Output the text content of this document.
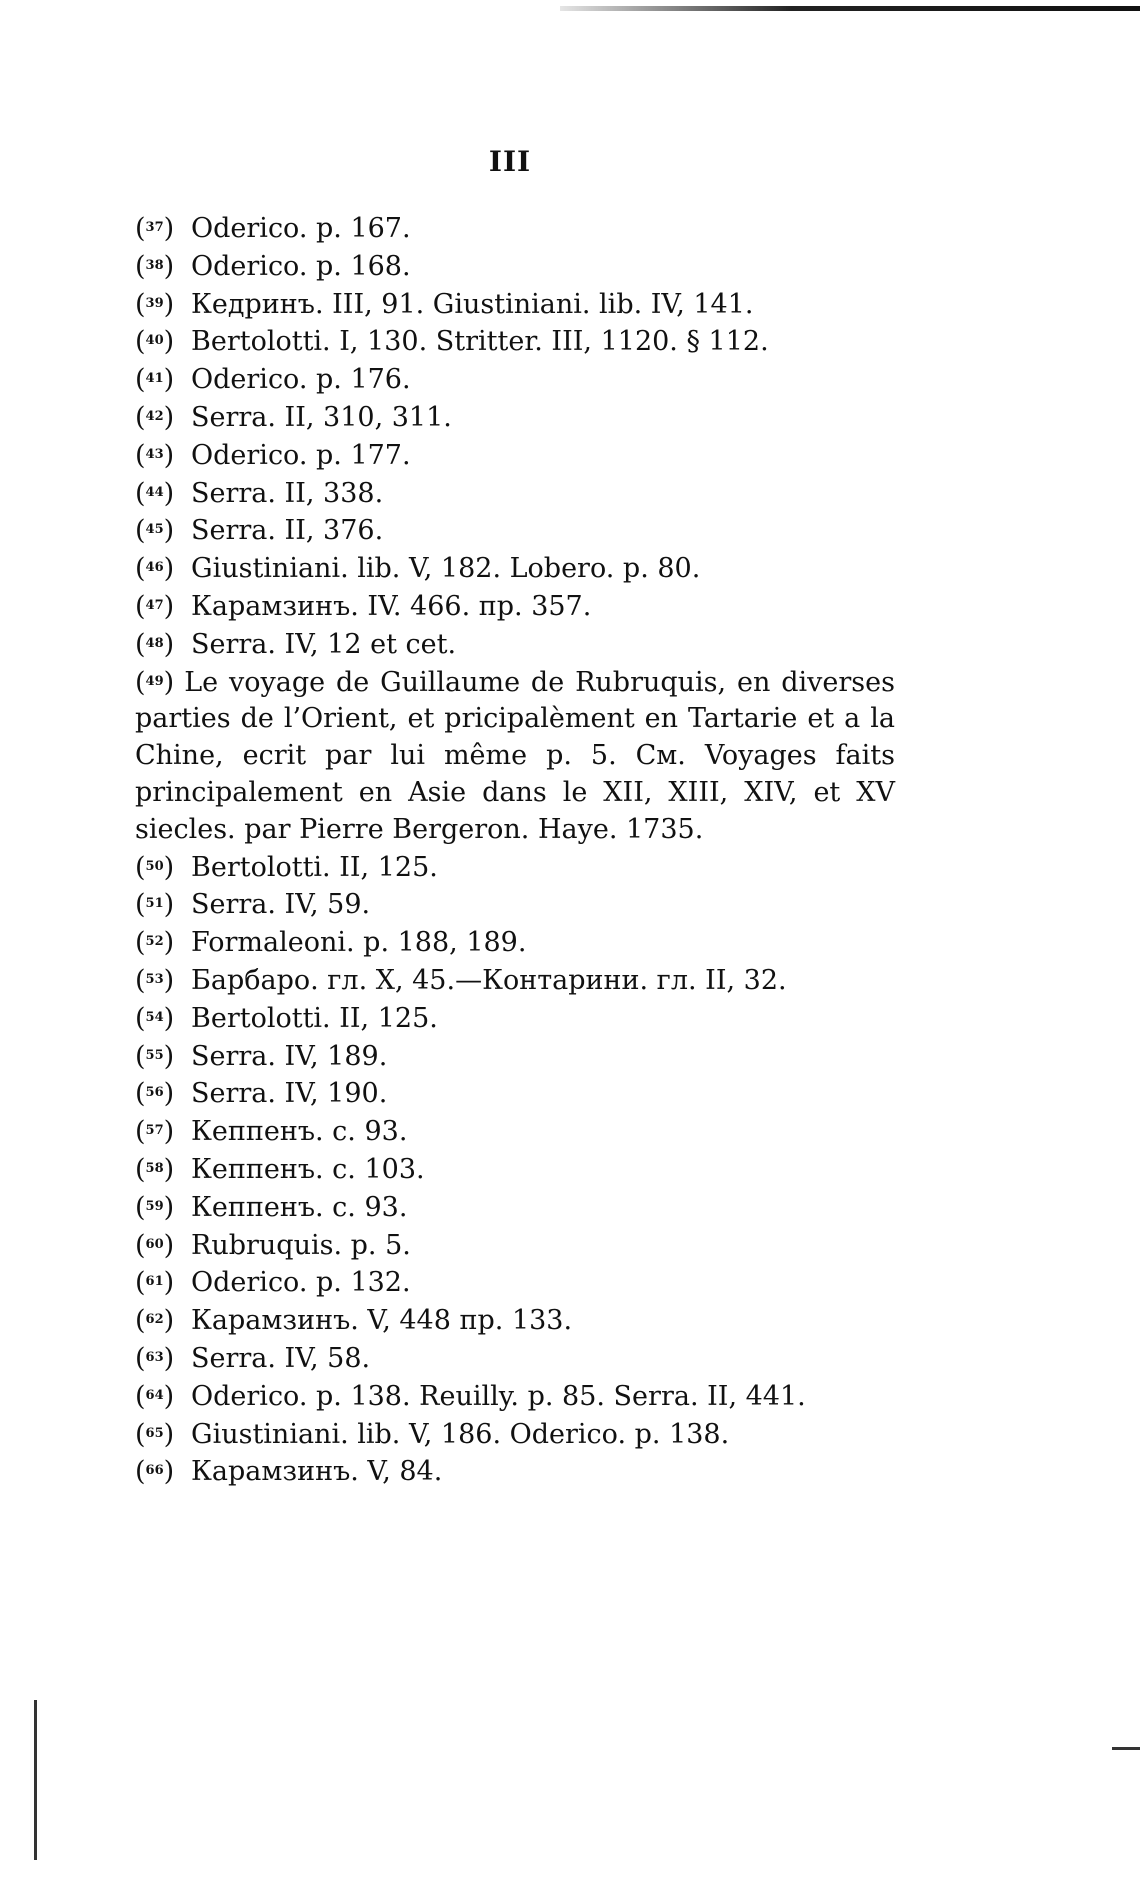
III
($^{37}$) Oderico. p. 167.
($^{38}$) Oderico. p. 168.
($^{39}$) Кедринъ. III, 91. Giustiniani. lib. IV, 141.
($^{40}$) Bertolotti. I, 130. Stritter. III, 1120. § 112.
($^{41}$) Oderico. p. 176.
($^{42}$) Serra. II, 310, 311.
($^{43}$) Oderico. p. 177.
($^{44}$) Serra. II, 338.
($^{45}$) Serra. II, 376.
($^{46}$) Giustiniani. lib. V, 182. Lobero. p. 80.
($^{47}$) Карамзинъ. IV. 466. пр. 357.
($^{48}$) Serra. IV, 12 et cet.
($^{49}$) Le voyage de Guillaume de Rubruquis, en diverses parties de l’Orient, et pricipalèment en Tartarie et a la Chine, ecrit par lui même p. 5. См. Voyages faits principalement en Asie dans le XII, XIII, XIV, et XV siecles. par Pierre Bergeron. Haye. 1735.
($^{50}$) Bertolotti. II, 125.
($^{51}$) Serra. IV, 59.
($^{52}$) Formaleoni. p. 188, 189.
($^{53}$) Барбаро. гл. X, 45.—Контарини. гл. II, 32.
($^{54}$) Bertolotti. II, 125.
($^{55}$) Serra. IV, 189.
($^{56}$) Serra. IV, 190.
($^{57}$) Кеппенъ. с. 93.
($^{58}$) Кеппенъ. с. 103.
($^{59}$) Кеппенъ. с. 93.
($^{60}$) Rubruquis. p. 5.
($^{61}$) Oderico. p. 132.
($^{62}$) Карамзинъ. V, 448 пр. 133.
($^{63}$) Serra. IV, 58.
($^{64}$) Oderico. p. 138. Reuilly. p. 85. Serra. II, 441.
($^{65}$) Giustiniani. lib. V, 186. Oderico. p. 138.
($^{66}$) Карамзинъ. V, 84.
